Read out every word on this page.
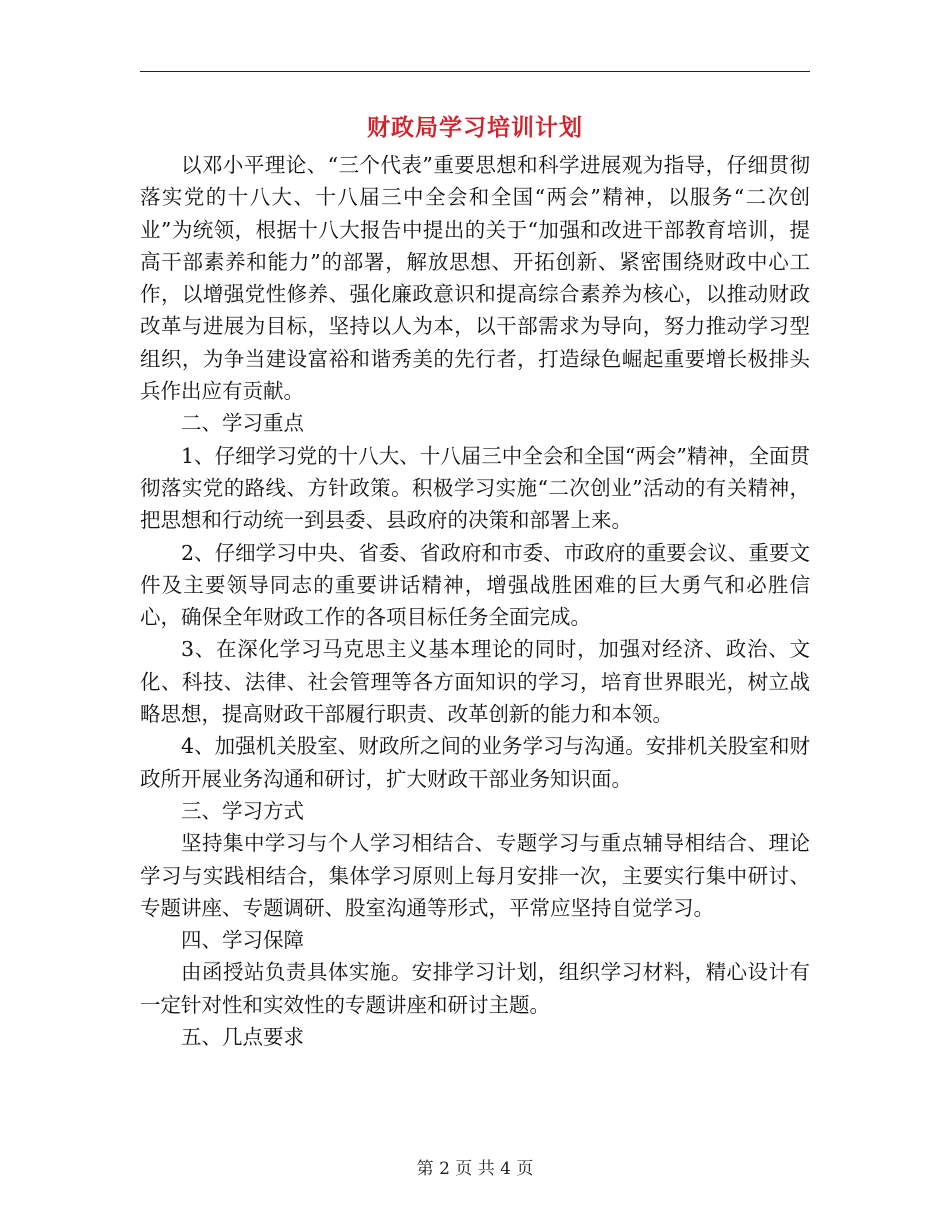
财政局学习培训计划

以邓小平理论、“三个代表”重要思想和科学进展观为指导，仔细贯彻落实党的十八大、十八届三中全会和全国“两会”精神，以服务“二次创业”为统领，根据十八大报告中提出的关于“加强和改进干部教育培训，提高干部素养和能力”的部署，解放思想、开拓创新、紧密围绕财政中心工作，以增强党性修养、强化廉政意识和提高综合素养为核心，以推动财政改革与进展为目标，坚持以人为本，以干部需求为导向，努力推动学习型组织，为争当建设富裕和谐秀美的先行者，打造绿色崛起重要增长极排头兵作出应有贡献。

二、学习重点

1、仔细学习党的十八大、十八届三中全会和全国“两会”精神，全面贯彻落实党的路线、方针政策。积极学习实施“二次创业”活动的有关精神，把思想和行动统一到县委、县政府的决策和部署上来。

2、仔细学习中央、省委、省政府和市委、市政府的重要会议、重要文件及主要领导同志的重要讲话精神，增强战胜困难的巨大勇气和必胜信心，确保全年财政工作的各项目标任务全面完成。

3、在深化学习马克思主义基本理论的同时，加强对经济、政治、文化、科技、法律、社会管理等各方面知识的学习，培育世界眼光，树立战略思想，提高财政干部履行职责、改革创新的能力和本领。

4、加强机关股室、财政所之间的业务学习与沟通。安排机关股室和财政所开展业务沟通和研讨，扩大财政干部业务知识面。

三、学习方式

坚持集中学习与个人学习相结合、专题学习与重点辅导相结合、理论学习与实践相结合，集体学习原则上每月安排一次，主要实行集中研讨、专题讲座、专题调研、股室沟通等形式，平常应坚持自觉学习。

四、学习保障

由函授站负责具体实施。安排学习计划，组织学习材料，精心设计有一定针对性和实效性的专题讲座和研讨主题。

五、几点要求

第 2 页 共 4 页
